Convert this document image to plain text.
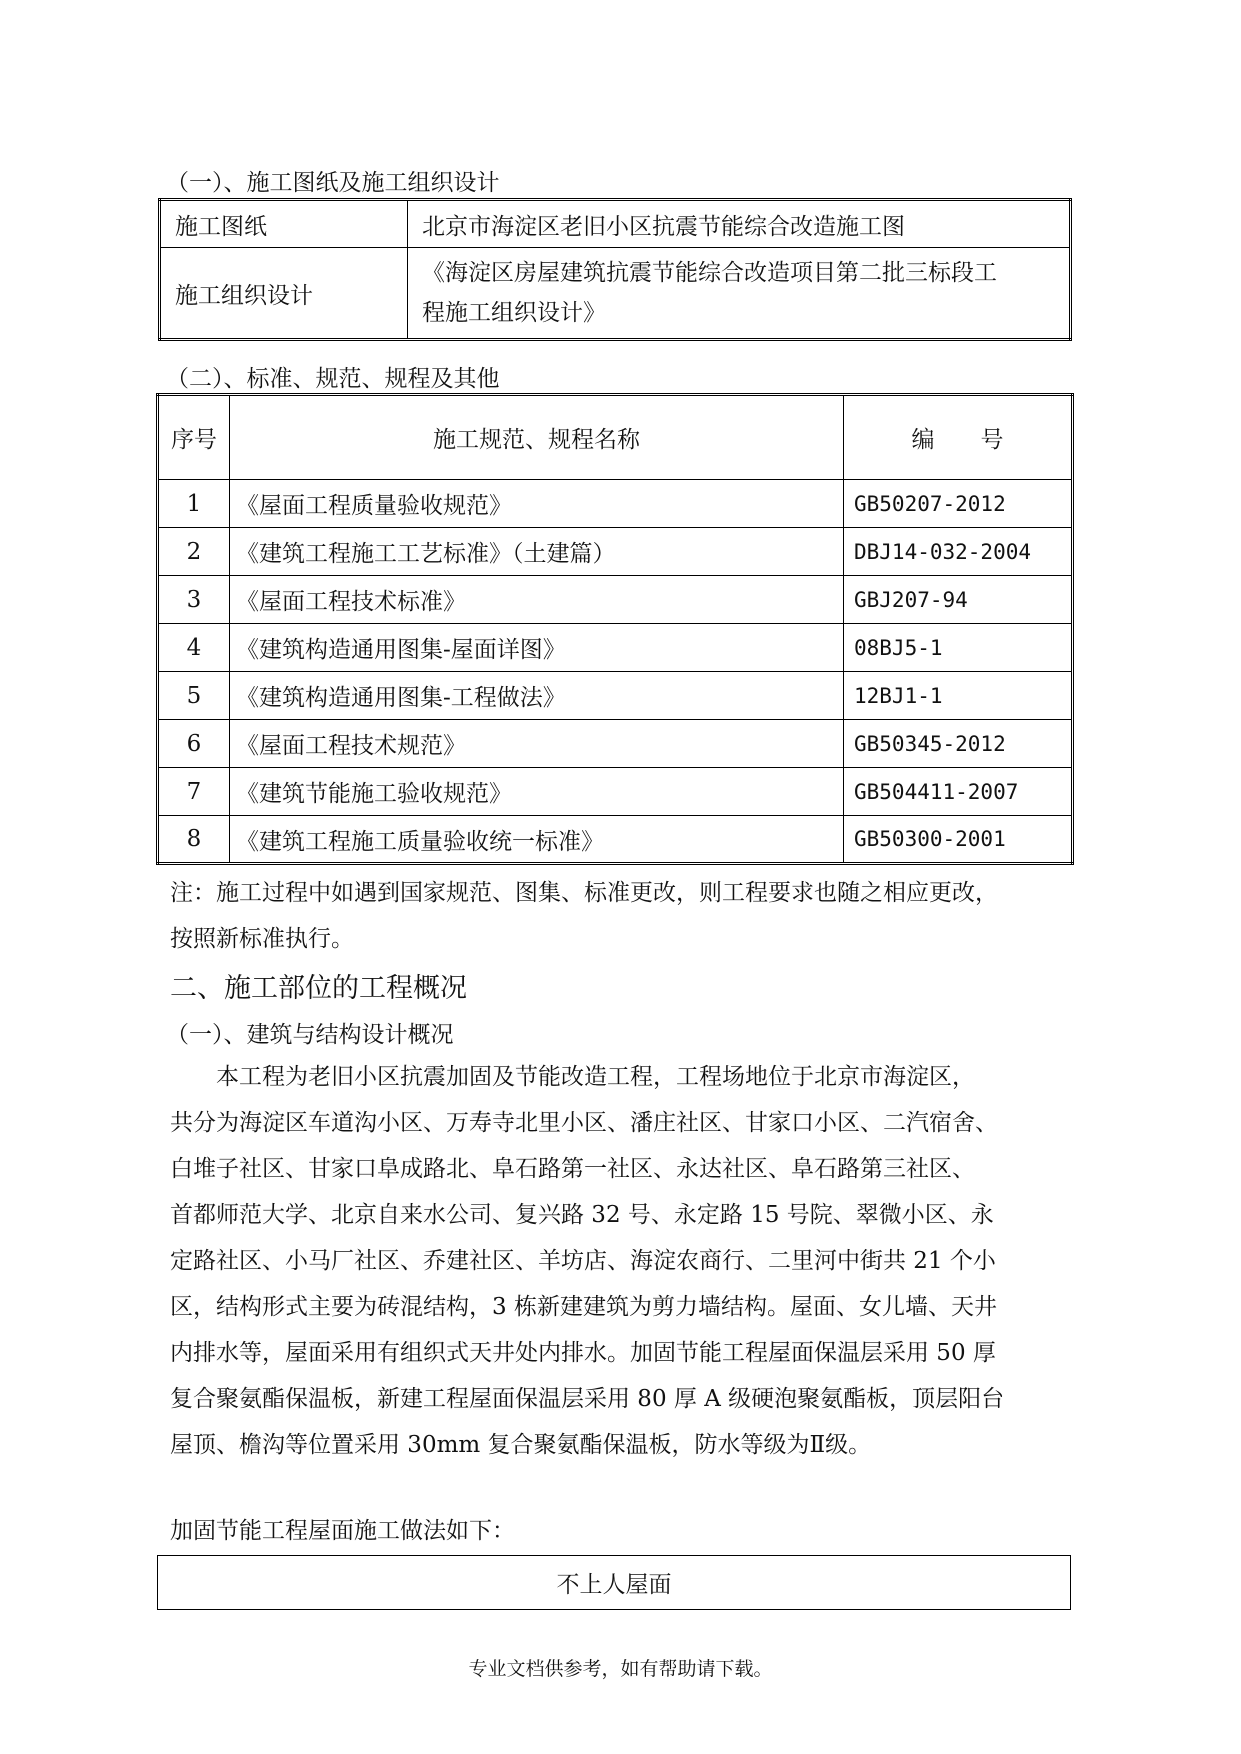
（一）、施工图纸及施工组织设计
施工图纸	北京市海淀区老旧小区抗震节能综合改造施工图
施工组织设计	《海淀区房屋建筑抗震节能综合改造项目第二批三标段工
程施工组织设计》
（二）、标准、规范、规程及其他
序号	施工规范、规程名称	编　　号
1	《屋面工程质量验收规范》	GB50207-2012
2	《建筑工程施工工艺标准》（土建篇）	DBJ14-032-2004
3	《屋面工程技术标准》	GBJ207-94
4	《建筑构造通用图集-屋面详图》	08BJ5-1
5	《建筑构造通用图集-工程做法》	12BJ1-1
6	《屋面工程技术规范》	GB50345-2012
7	《建筑节能施工验收规范》	GB504411-2007
8	《建筑工程施工质量验收统一标准》	GB50300-2001
注：施工过程中如遇到国家规范、图集、标准更改，则工程要求也随之相应更改，
按照新标准执行。
二、施工部位的工程概况
（一）、建筑与结构设计概况
　　本工程为老旧小区抗震加固及节能改造工程，工程场地位于北京市海淀区，
共分为海淀区车道沟小区、万寿寺北里小区、潘庄社区、甘家口小区、二汽宿舍、
白堆子社区、甘家口阜成路北、阜石路第一社区、永达社区、阜石路第三社区、
首都师范大学、北京自来水公司、复兴路 32 号、永定路 15 号院、翠微小区、永
定路社区、小马厂社区、乔建社区、羊坊店、海淀农商行、二里河中街共 21 个小
区，结构形式主要为砖混结构，3 栋新建建筑为剪力墙结构。屋面、女儿墙、天井
内排水等，屋面采用有组织式天井处内排水。加固节能工程屋面保温层采用 50 厚
复合聚氨酯保温板，新建工程屋面保温层采用 80 厚 A 级硬泡聚氨酯板，顶层阳台
屋顶、檐沟等位置采用 30mm 复合聚氨酯保温板，防水等级为Ⅱ级。
加固节能工程屋面施工做法如下：
不上人屋面
专业文档供参考，如有帮助请下载。
